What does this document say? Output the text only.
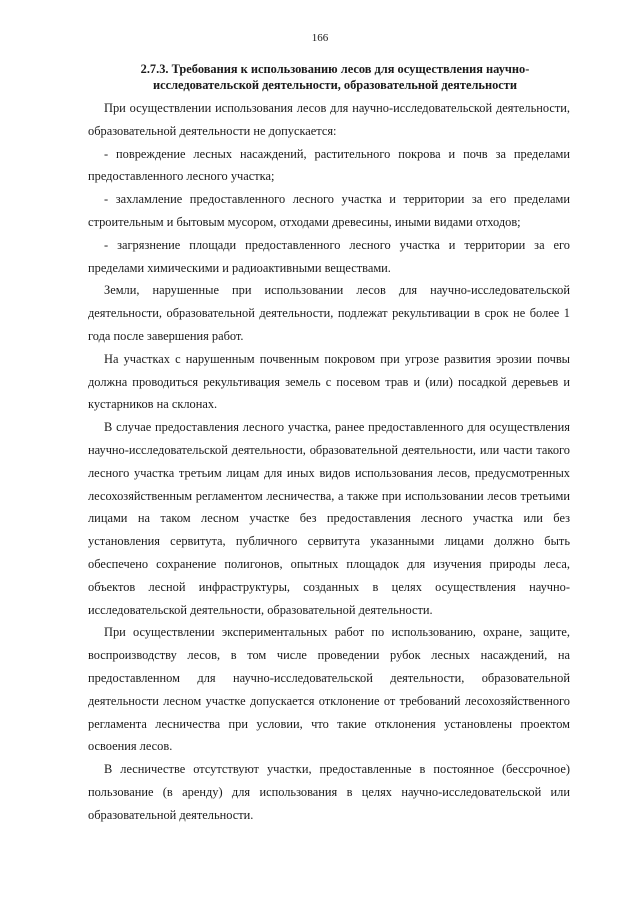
166
2.7.3. Требования к использованию лесов для осуществления научно-исследовательской деятельности, образовательной деятельности

При осуществлении использования лесов для научно-исследовательской деятельности, образовательной деятельности не допускается:

- повреждение лесных насаждений, растительного покрова и почв за пределами предоставленного лесного участка;

- захламление предоставленного лесного участка и территории за его пределами строительным и бытовым мусором, отходами древесины, иными видами отходов;

- загрязнение площади предоставленного лесного участка и территории за его пределами химическими и радиоактивными веществами.

Земли, нарушенные при использовании лесов для научно-исследовательской деятельности, образовательной деятельности, подлежат рекультивации в срок не более 1 года после завершения работ.

На участках с нарушенным почвенным покровом при угрозе развития эрозии почвы должна проводиться рекультивация земель с посевом трав и (или) посадкой деревьев и кустарников на склонах.

В случае предоставления лесного участка, ранее предоставленного для осуществления научно-исследовательской деятельности, образовательной деятельности, или части такого лесного участка третьим лицам для иных видов использования лесов, предусмотренных лесохозяйственным регламентом лесничества, а также при использовании лесов третьими лицами на таком лесном участке без предоставления лесного участка или без установления сервитута, публичного сервитута указанными лицами должно быть обеспечено сохранение полигонов, опытных площадок для изучения природы леса, объектов лесной инфраструктуры, созданных в целях осуществления научно-исследовательской деятельности, образовательной деятельности.

При осуществлении экспериментальных работ по использованию, охране, защите, воспроизводству лесов, в том числе проведении рубок лесных насаждений, на предоставленном для научно-исследовательской деятельности, образовательной деятельности лесном участке допускается отклонение от требований лесохозяйственного регламента лесничества при условии, что такие отклонения установлены проектом освоения лесов.

В лесничестве отсутствуют участки, предоставленные в постоянное (бессрочное) пользование (в аренду) для использования в целях научно-исследовательской или образовательной деятельности.
